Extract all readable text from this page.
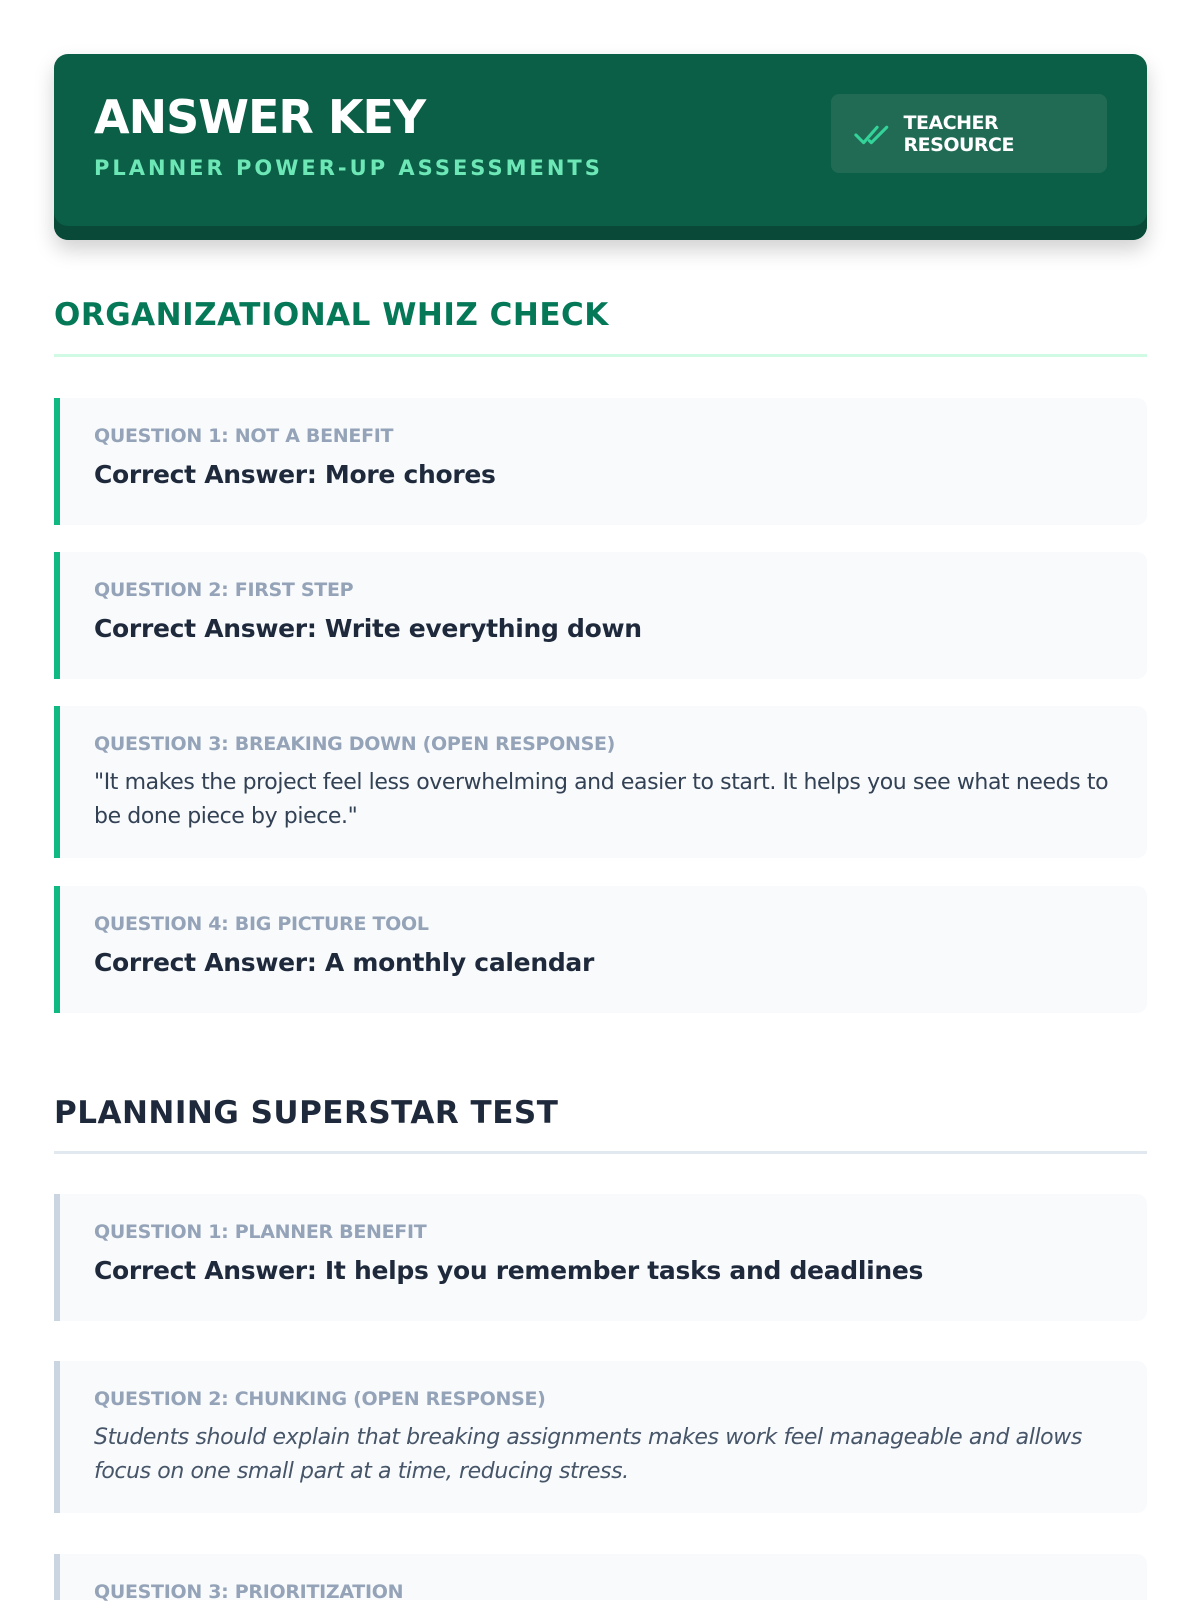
ANSWER KEY
PLANNER POWER-UP ASSESSMENTS
TEACHER RESOURCE
ORGANIZATIONAL WHIZ CHECK
QUESTION 1: NOT A BENEFIT
Correct Answer: More chores
QUESTION 2: FIRST STEP
Correct Answer: Write everything down
QUESTION 3: BREAKING DOWN (OPEN RESPONSE)
"It makes the project feel less overwhelming and easier to start. It helps you see what needs to be done piece by piece."
QUESTION 4: BIG PICTURE TOOL
Correct Answer: A monthly calendar
PLANNING SUPERSTAR TEST
QUESTION 1: PLANNER BENEFIT
Correct Answer: It helps you remember tasks and deadlines
QUESTION 2: CHUNKING (OPEN RESPONSE)
Students should explain that breaking assignments makes work feel manageable and allows focus on one small part at a time, reducing stress.
QUESTION 3: PRIORITIZATION
